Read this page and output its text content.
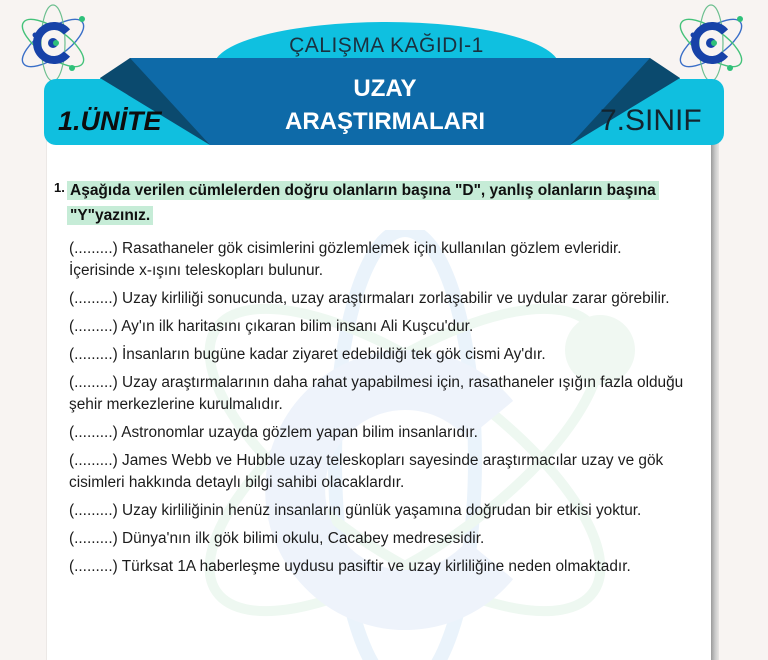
ÇALIŞMA KAĞIDI-1
1.ÜNİTE	7.SINIF
UZAY
ARAŞTIRMALARI
1. Aşağıda verilen cümlelerden doğru olanların başına "D", yanlış olanların başına "Y"yazınız.
(.........) Rasathaneler gök cisimlerini gözlemlemek için kullanılan gözlem evleridir. İçerisinde x-ışını teleskopları bulunur.
(.........) Uzay kirliliği sonucunda, uzay araştırmaları zorlaşabilir ve uydular zarar görebilir.
(.........) Ay'ın ilk haritasını çıkaran bilim insanı Ali Kuşcu'dur.
(.........) İnsanların bugüne kadar ziyaret edebildiği tek gök cismi Ay'dır.
(.........) Uzay araştırmalarının daha rahat yapabilmesi için, rasathaneler ışığın fazla olduğu şehir merkezlerine kurulmalıdır.
(.........) Astronomlar uzayda gözlem yapan bilim insanlarıdır.
(.........) James Webb ve Hubble uzay teleskopları sayesinde araştırmacılar uzay ve gök cisimleri hakkında detaylı bilgi sahibi olacaklardır.
(.........) Uzay kirliliğinin henüz insanların günlük yaşamına doğrudan bir etkisi yoktur.
(.........) Dünya'nın ilk gök bilimi okulu, Cacabey medresesidir.
(.........) Türksat 1A haberleşme uydusu pasiftir ve uzay kirliliğine neden olmaktadır.
